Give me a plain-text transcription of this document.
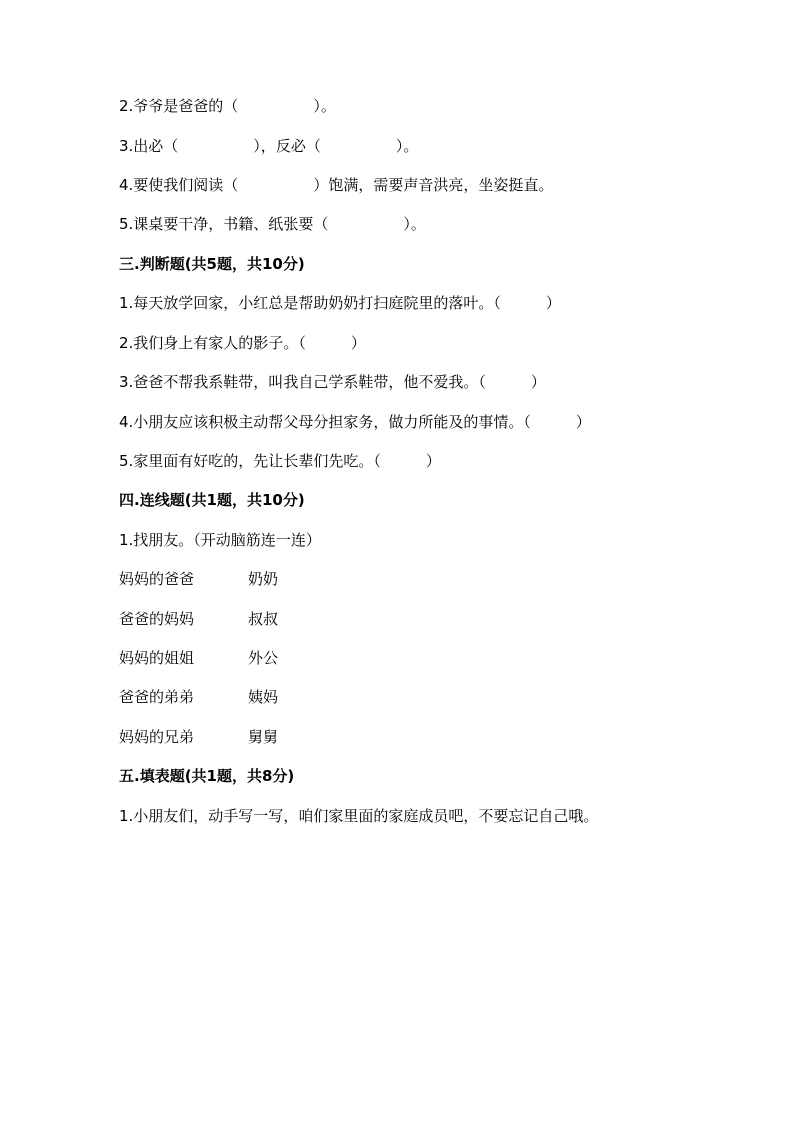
2.爷爷是爸爸的（　　　　　）。
3.出必（　　　　　），反必（　　　　　）。
4.要使我们阅读（　　　　　）饱满，需要声音洪亮，坐姿挺直。
5.课桌要干净，书籍、纸张要（　　　　　）。
三.判断题(共5题，共10分)
1.每天放学回家，小红总是帮助奶奶打扫庭院里的落叶。（　　　）
2.我们身上有家人的影子。（　　　）
3.爸爸不帮我系鞋带，叫我自己学系鞋带，他不爱我。（　　　）
4.小朋友应该积极主动帮父母分担家务，做力所能及的事情。（　　　）
5.家里面有好吃的，先让长辈们先吃。（　　　）
四.连线题(共1题，共10分)
1.找朋友。（开动脑筋连一连）
妈妈的爸爸	奶奶
爸爸的妈妈	叔叔
妈妈的姐姐	外公
爸爸的弟弟	姨妈
妈妈的兄弟	舅舅
五.填表题(共1题，共8分)
1.小朋友们，动手写一写，咱们家里面的家庭成员吧，不要忘记自己哦。
